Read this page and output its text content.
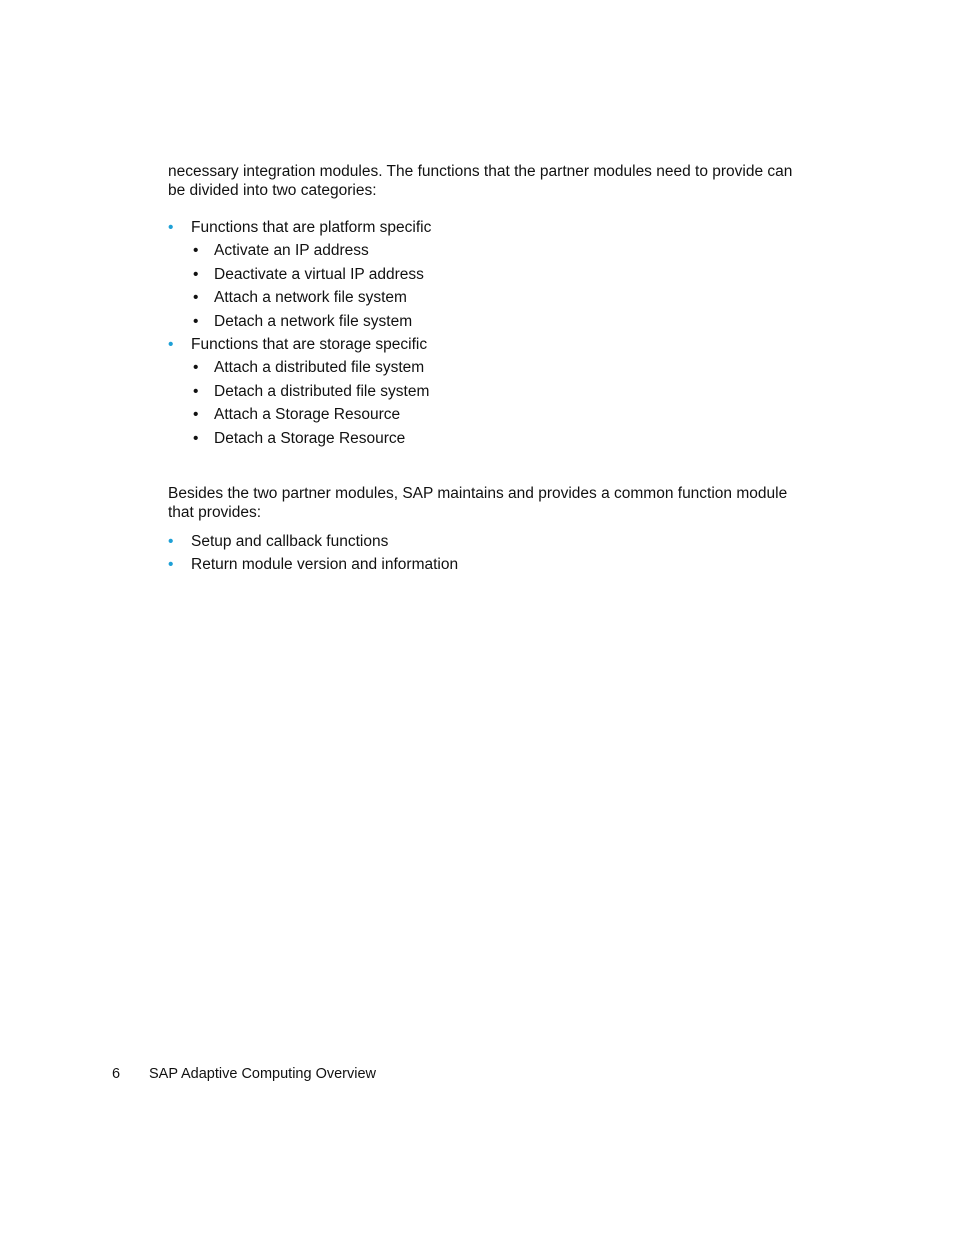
necessary integration modules. The functions that the partner modules need to provide can be divided into two categories:

• Functions that are platform specific
• Activate an IP address
• Deactivate a virtual IP address
• Attach a network file system
• Detach a network file system
• Functions that are storage specific
• Attach a distributed file system
• Detach a distributed file system
• Attach a Storage Resource
• Detach a Storage Resource

Besides the two partner modules, SAP maintains and provides a common function module that provides:

• Setup and callback functions
• Return module version and information
6 SAP Adaptive Computing Overview
